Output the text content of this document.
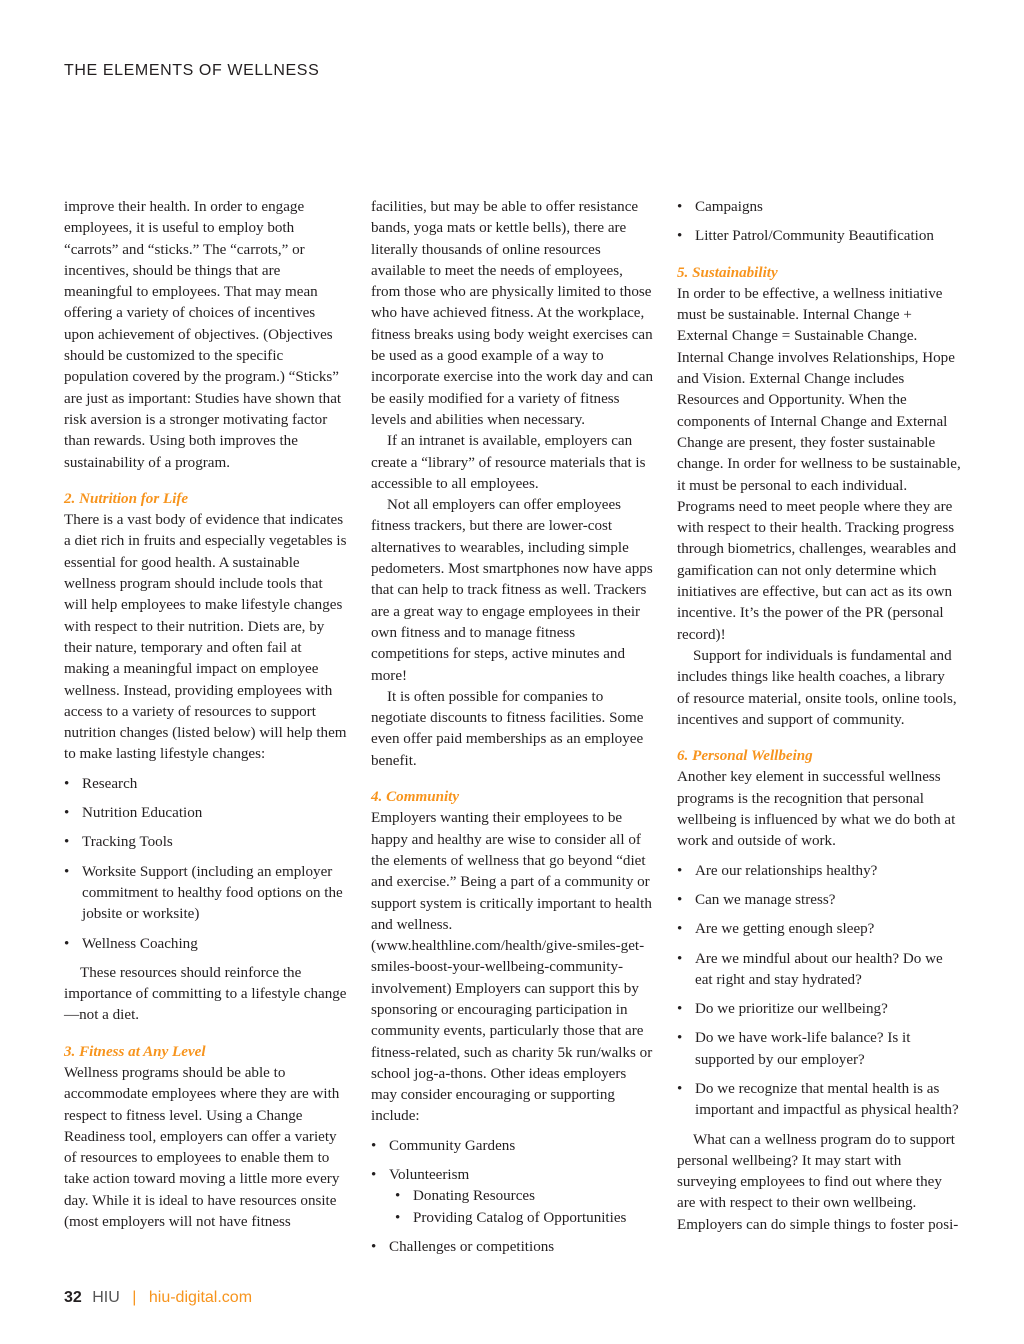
THE ELEMENTS OF WELLNESS

improve their health. In order to engage employees, it is useful to employ both “carrots” and “sticks.” The “carrots,” or incentives, should be things that are meaningful to employees. That may mean offering a variety of choices of incentives upon achievement of objectives. (Objectives should be customized to the specific population covered by the program.) “Sticks” are just as important: Studies have shown that risk aversion is a stronger motivating factor than rewards. Using both improves the sustainability of a program.

2. Nutrition for Life

There is a vast body of evidence that indicates a diet rich in fruits and especially vegetables is essential for good health. A sustainable wellness program should include tools that will help employees to make lifestyle changes with respect to their nutrition. Diets are, by their nature, temporary and often fail at making a meaningful impact on employee wellness. Instead, providing employees with access to a variety of resources to support nutrition changes (listed below) will help them to make lasting lifestyle changes:

• Research
• Nutrition Education
• Tracking Tools
• Worksite Support (including an employer commitment to healthy food options on the jobsite or worksite)
• Wellness Coaching

These resources should reinforce the importance of committing to a lifestyle change—not a diet.

3. Fitness at Any Level

Wellness programs should be able to accommodate employees where they are with respect to fitness level. Using a Change Readiness tool, employers can offer a variety of resources to employees to enable them to take action toward moving a little more every day. While it is ideal to have resources onsite (most employers will not have fitness

facilities, but may be able to offer resistance bands, yoga mats or kettle bells), there are literally thousands of online resources available to meet the needs of employees, from those who are physically limited to those who have achieved fitness. At the workplace, fitness breaks using body weight exercises can be used as a good example of a way to incorporate exercise into the work day and can be easily modified for a variety of fitness levels and abilities when necessary.

If an intranet is available, employers can create a “library” of resource materials that is accessible to all employees.

Not all employers can offer employees fitness trackers, but there are lower-cost alternatives to wearables, including simple pedometers. Most smartphones now have apps that can help to track fitness as well. Trackers are a great way to engage employees in their own fitness and to manage fitness competitions for steps, active minutes and more!

It is often possible for companies to negotiate discounts to fitness facilities. Some even offer paid memberships as an employee benefit.

4. Community

Employers wanting their employees to be happy and healthy are wise to consider all of the elements of wellness that go beyond “diet and exercise.” Being a part of a community or support system is critically important to health and wellness. (www.healthline.com/health/give-smiles-get-smiles-boost-your-wellbeing-community-involvement) Employers can support this by sponsoring or encouraging participation in community events, particularly those that are fitness-related, such as charity 5k run/walks or school jog-a-thons. Other ideas employers may consider encouraging or supporting include:

• Community Gardens
• Volunteerism
• Donating Resources
• Providing Catalog of Opportunities
• Challenges or competitions
• Campaigns
• Litter Patrol/Community Beautification

5. Sustainability

In order to be effective, a wellness initiative must be sustainable. Internal Change + External Change = Sustainable Change. Internal Change involves Relationships, Hope and Vision. External Change includes Resources and Opportunity. When the components of Internal Change and External Change are present, they foster sustainable change. In order for wellness to be sustainable, it must be personal to each individual. Programs need to meet people where they are with respect to their health. Tracking progress through biometrics, challenges, wearables and gamification can not only determine which initiatives are effective, but can act as its own incentive. It’s the power of the PR (personal record)!

Support for individuals is fundamental and includes things like health coaches, a library of resource material, onsite tools, online tools, incentives and support of community.

6. Personal Wellbeing

Another key element in successful wellness programs is the recognition that personal wellbeing is influenced by what we do both at work and outside of work.

• Are our relationships healthy?
• Can we manage stress?
• Are we getting enough sleep?
• Are we mindful about our health? Do we eat right and stay hydrated?
• Do we prioritize our wellbeing?
• Do we have work-life balance? Is it supported by our employer?
• Do we recognize that mental health is as important and impactful as physical health?

What can a wellness program do to support personal wellbeing? It may start with surveying employees to find out where they are with respect to their own wellbeing. Employers can do simple things to foster posi-

32 HIU | hiu-digital.com
